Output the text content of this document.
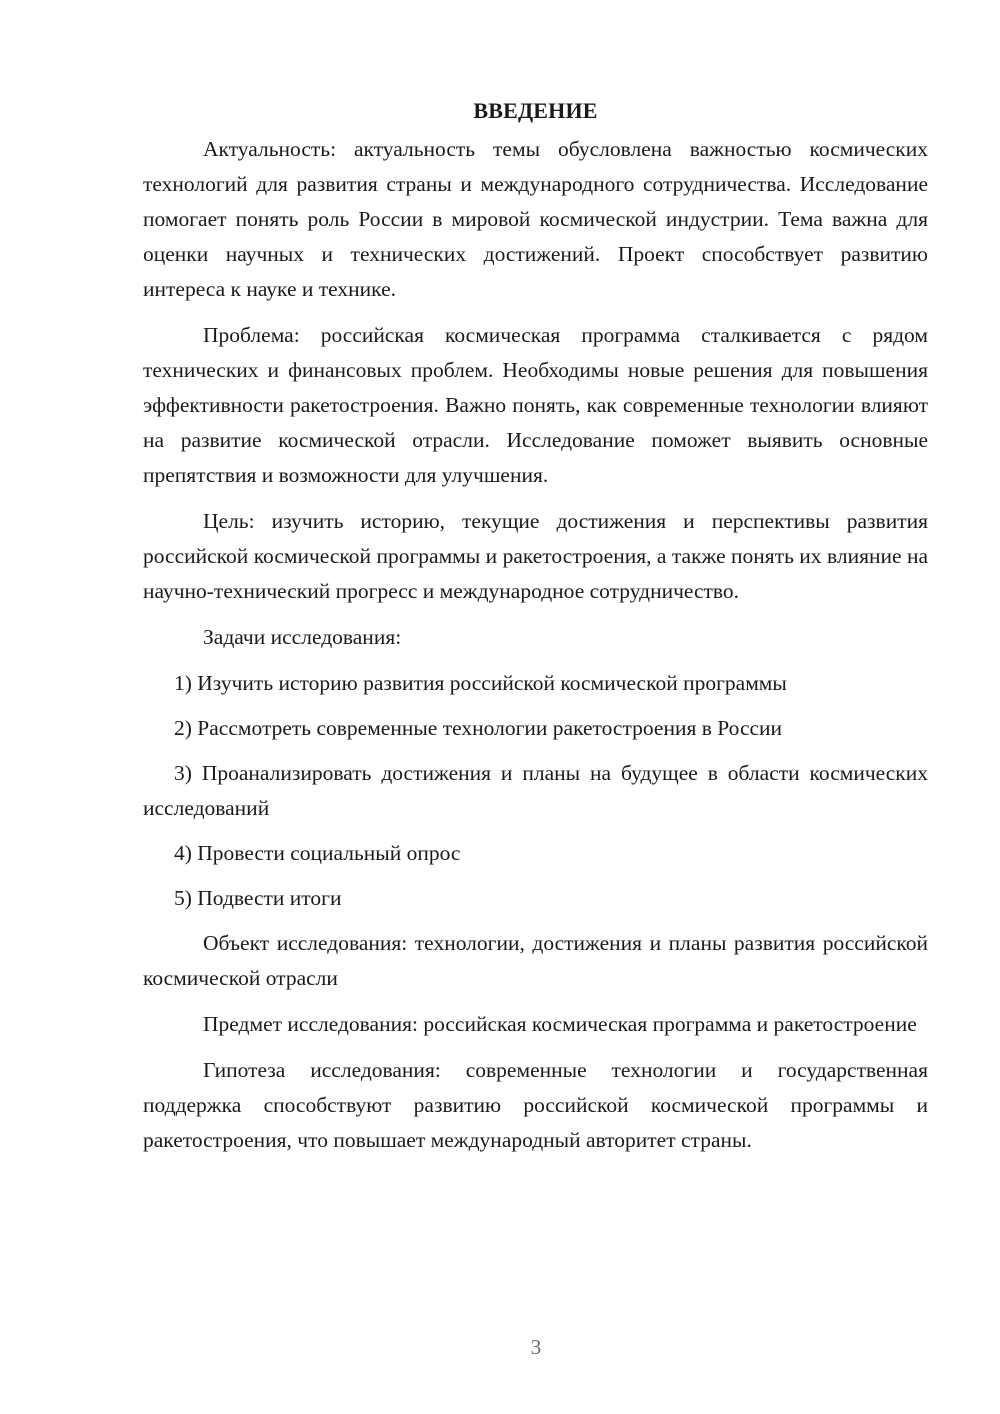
ВВЕДЕНИЕ

Актуальность: актуальность темы обусловлена важностью космических технологий для развития страны и международного сотрудничества. Исследование помогает понять роль России в мировой космической индустрии. Тема важна для оценки научных и технических достижений. Проект способствует развитию интереса к науке и технике.

Проблема: российская космическая программа сталкивается с рядом технических и финансовых проблем. Необходимы новые решения для повышения эффективности ракетостроения. Важно понять, как современные технологии влияют на развитие космической отрасли. Исследование поможет выявить основные препятствия и возможности для улучшения.

Цель: изучить историю, текущие достижения и перспективы развития российской космической программы и ракетостроения, а также понять их влияние на научно-технический прогресс и международное сотрудничество.

Задачи исследования:

1) Изучить историю развития российской космической программы

2) Рассмотреть современные технологии ракетостроения в России

3) Проанализировать достижения и планы на будущее в области космических исследований

4) Провести социальный опрос

5) Подвести итоги

Объект исследования: технологии, достижения и планы развития российской космической отрасли

Предмет исследования: российская космическая программа и ракетостроение

Гипотеза исследования: современные технологии и государственная поддержка способствуют развитию российской космической программы и ракетостроения, что повышает международный авторитет страны.

3
